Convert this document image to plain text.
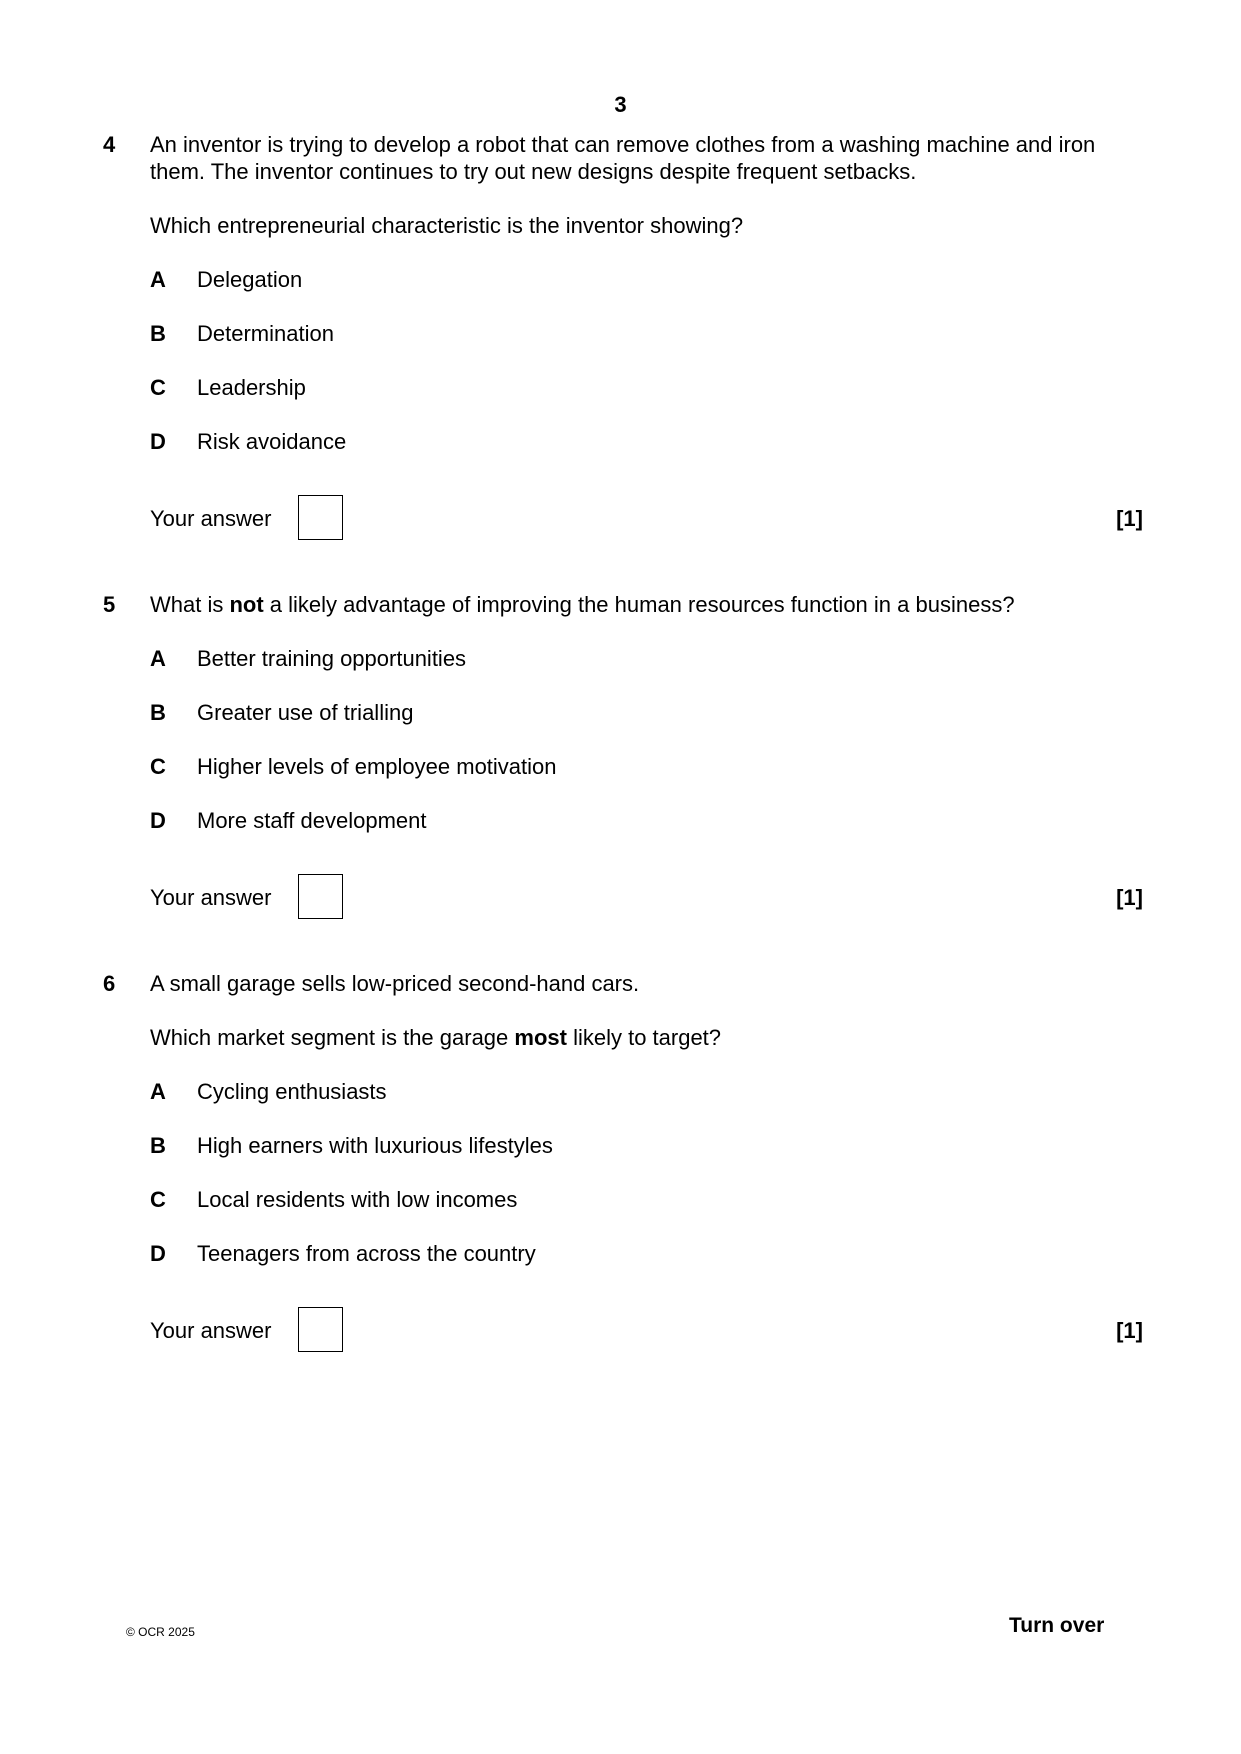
3
4 An inventor is trying to develop a robot that can remove clothes from a washing machine and iron

them. The inventor continues to try out new designs despite frequent setbacks.

Which entrepreneurial characteristic is the inventor showing?

A	Delegation
B	Determination
C	Leadership
D	Risk avoidance
Your answer	[1]
5 What is not a likely advantage of improving the human resources function in a business?

A	Better training opportunities
B	Greater use of trialling
C	Higher levels of employee motivation
D	More staff development
Your answer	[1]
6 A small garage sells low-priced second-hand cars.

Which market segment is the garage most likely to target?

A	Cycling enthusiasts
B	High earners with luxurious lifestyles
C	Local residents with low incomes
D	Teenagers from across the country
Your answer	[1]
© OCR 2025	Turn over
